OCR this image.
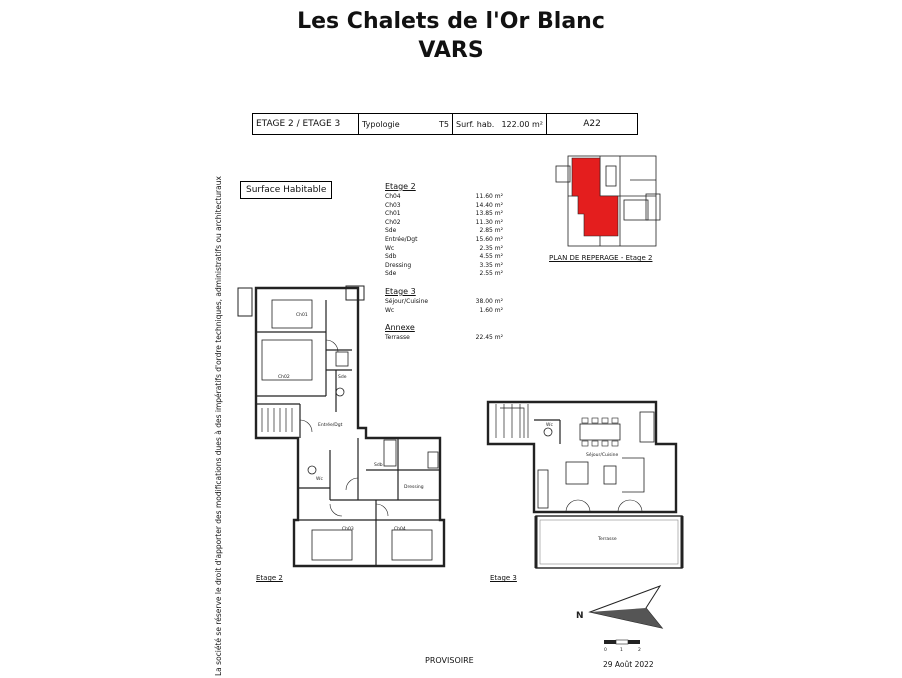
Les Chalets de l'Or Blanc
VARS
ETAGE 2 / ETAGE 3	Typologie	T5 Surf. hab. 122.00 m²	A22
Surface Habitable	Etage 2
Ch04	11.60 m²
Ch03	14.40 m²
Ch01	13.85 m²
Ch02	11.30 m²
Sde	2.85 m²
Entrée/Dgt	15.60 m²
Wc	2.35 m²
Sdb	4.55 m²
Dressing	3.35 m²
Sde	2.55 m²
Etage 3
Séjour/Cuisine	38.00 m²
Wc	1.60 m²
Annexe
Terrasse	22.45 m²
La société se réserve le droit d'apporter des modifications dues à des impératifs d'ordre techniques, administratifs ou architecturaux	Ch01
Ch02	Sde
Entrée/Dgt
Sdb
Wc
Dressing
Ch03	Ch04
Séjour/Cuisine
Wc
Terrasse
N
0	1	2
PLAN DE REPERAGE - Etage 2
Etage 2	Etage 3
PROVISOIRE	29 Août 2022
